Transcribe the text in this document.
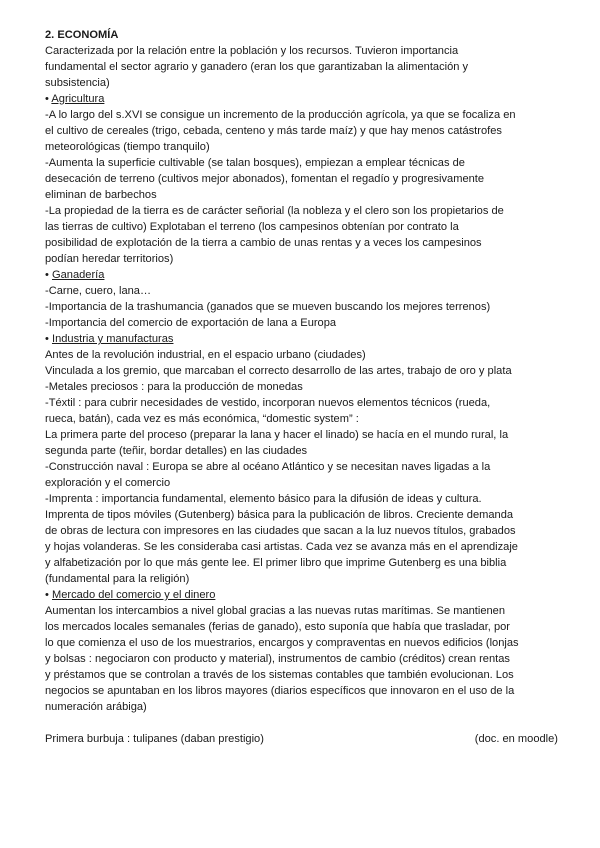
2. ECONOMÍA

Caracterizada por la relación entre la población y los recursos. Tuvieron importancia

fundamental el sector agrario y ganadero (eran los que garantizaban la alimentación y

subsistencia)

• Agricultura

-A lo largo del s.XVI se consigue un incremento de la producción agrícola, ya que se focaliza en

el cultivo de cereales (trigo, cebada, centeno y más tarde maíz) y que hay menos catástrofes

meteorológicas (tiempo tranquilo)

-Aumenta la superficie cultivable (se talan bosques), empiezan a emplear técnicas de

desecación de terreno (cultivos mejor abonados), fomentan el regadío y progresivamente

eliminan de barbechos

-La propiedad de la tierra es de carácter señorial (la nobleza y el clero son los propietarios de

las tierras de cultivo) Explotaban el terreno (los campesinos obtenían por contrato la

posibilidad de explotación de la tierra a cambio de unas rentas y a veces los campesinos

podían heredar territorios)

• Ganadería

-Carne, cuero, lana…

-Importancia de la trashumancia (ganados que se mueven buscando los mejores terrenos)

-Importancia del comercio de exportación de lana a Europa

• Industria y manufacturas

Antes de la revolución industrial, en el espacio urbano (ciudades)

Vinculada a los gremio, que marcaban el correcto desarrollo de las artes, trabajo de oro y plata

-Metales preciosos : para la producción de monedas

-Téxtil : para cubrir necesidades de vestido, incorporan nuevos elementos técnicos (rueda,

rueca, batán), cada vez es más económica, “domestic system” :

La primera parte del proceso (preparar la lana y hacer el linado) se hacía en el mundo rural, la

segunda parte (teñir, bordar detalles) en las ciudades

-Construcción naval : Europa se abre al océano Atlántico y se necesitan naves ligadas a la

exploración y el comercio

-Imprenta : importancia fundamental, elemento básico para la difusión de ideas y cultura.

Imprenta de tipos móviles (Gutenberg) básica para la publicación de libros. Creciente demanda

de obras de lectura con impresores en las ciudades que sacan a la luz nuevos títulos, grabados

y hojas volanderas. Se les consideraba casi artistas. Cada vez se avanza más en el aprendizaje

y alfabetización por lo que más gente lee. El primer libro que imprime Gutenberg es una biblia

(fundamental para la religión)

• Mercado del comercio y el dinero

Aumentan los intercambios a nivel global gracias a las nuevas rutas marítimas. Se mantienen

los mercados locales semanales (ferias de ganado), esto suponía que había que trasladar, por

lo que comienza el uso de los muestrarios, encargos y compraventas en nuevos edificios (lonjas

y bolsas : negociaron con producto y material), instrumentos de cambio (créditos) crean rentas

y préstamos que se controlan a través de los sistemas contables que también evolucionan. Los

negocios se apuntaban en los libros mayores (diarios específicos que innovaron en el uso de la

numeración arábiga)

Primera burbuja : tulipanes (daban prestigio)	(doc. en moodle)
